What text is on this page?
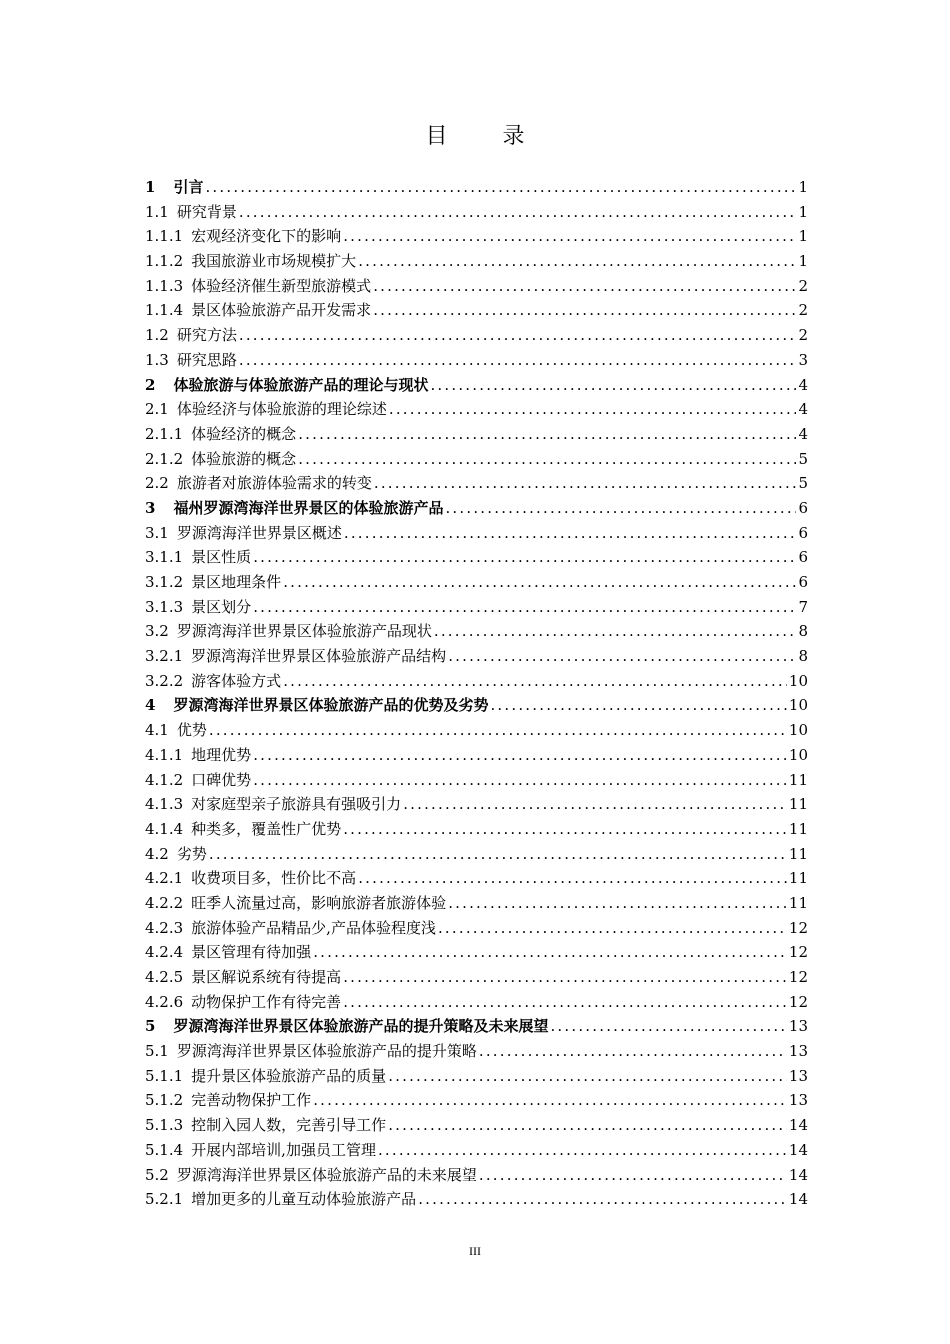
目 录
1 引言 .....	1
1.1 研究背景 .....	1
1.1.1 宏观经济变化下的影响 .....	1
1.1.2 我国旅游业市场规模扩大 .....	1
1.1.3 体验经济催生新型旅游模式 .....	2
1.1.4 景区体验旅游产品开发需求 .....	2
1.2 研究方法 .....	2
1.3 研究思路 .....	3
2 体验旅游与体验旅游产品的理论与现状 .....	4
2.1 体验经济与体验旅游的理论综述 .....	4
2.1.1 体验经济的概念 .....	4
2.1.2 体验旅游的概念 .....	5
2.2 旅游者对旅游体验需求的转变 .....	5
3 福州罗源湾海洋世界景区的体验旅游产品 .....	6
3.1 罗源湾海洋世界景区概述 .....	6
3.1.1 景区性质 .....	6
3.1.2 景区地理条件 .....	6
3.1.3 景区划分 .....	7
3.2 罗源湾海洋世界景区体验旅游产品现状 .....	8
3.2.1 罗源湾海洋世界景区体验旅游产品结构 .....	8
3.2.2 游客体验方式 .....	10
4 罗源湾海洋世界景区体验旅游产品的优势及劣势 .....	10
4.1 优势 .....	10
4.1.1 地理优势 .....	10
4.1.2 口碑优势 .....	11
4.1.3 对家庭型亲子旅游具有强吸引力 .....	11
4.1.4 种类多，覆盖性广优势 .....	11
4.2 劣势 .....	11
4.2.1 收费项目多，性价比不高 .....	11
4.2.2 旺季人流量过高，影响旅游者旅游体验 .....	11
4.2.3 旅游体验产品精品少,产品体验程度浅 .....	12
4.2.4 景区管理有待加强 .....	12
4.2.5 景区解说系统有待提高 .....	12
4.2.6 动物保护工作有待完善 .....	12
5 罗源湾海洋世界景区体验旅游产品的提升策略及未来展望 .....	13
5.1 罗源湾海洋世界景区体验旅游产品的提升策略 .....	13
5.1.1 提升景区体验旅游产品的质量 .....	13
5.1.2 完善动物保护工作 .....	13
5.1.3 控制入园人数，完善引导工作 .....	14
5.1.4 开展内部培训,加强员工管理 .....	14
5.2 罗源湾海洋世界景区体验旅游产品的未来展望 .....	14
5.2.1 增加更多的儿童互动体验旅游产品 .....	14
III
